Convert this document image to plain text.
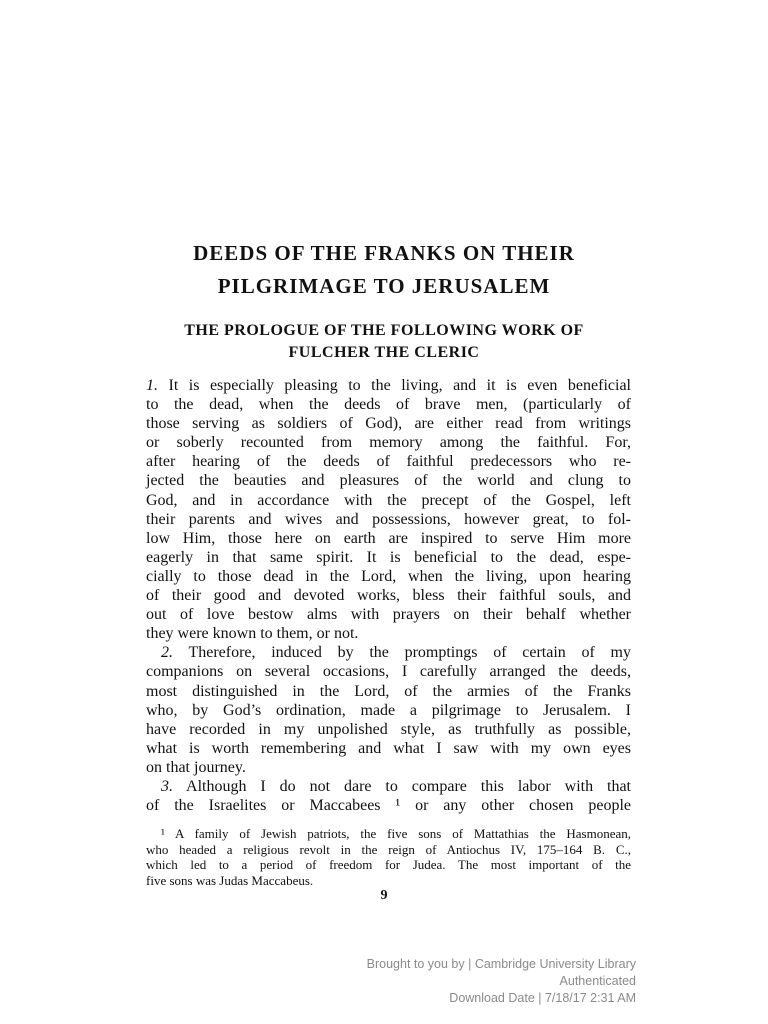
DEEDS OF THE FRANKS ON THEIR
PILGRIMAGE TO JERUSALEM
THE PROLOGUE OF THE FOLLOWING WORK OF
FULCHER THE CLERIC
1. It is especially pleasing to the living, and it is even beneficial
to the dead, when the deeds of brave men, (particularly of
those serving as soldiers of God), are either read from writings
or soberly recounted from memory among the faithful. For,
after hearing of the deeds of faithful predecessors who re-
jected the beauties and pleasures of the world and clung to
God, and in accordance with the precept of the Gospel, left
their parents and wives and possessions, however great, to fol-
low Him, those here on earth are inspired to serve Him more
eagerly in that same spirit. It is beneficial to the dead, espe-
cially to those dead in the Lord, when the living, upon hearing
of their good and devoted works, bless their faithful souls, and
out of love bestow alms with prayers on their behalf whether
they were known to them, or not.
2. Therefore, induced by the promptings of certain of my
companions on several occasions, I carefully arranged the deeds,
most distinguished in the Lord, of the armies of the Franks
who, by God’s ordination, made a pilgrimage to Jerusalem. I
have recorded in my unpolished style, as truthfully as possible,
what is worth remembering and what I saw with my own eyes
on that journey.
3. Although I do not dare to compare this labor with that
of the Israelites or Maccabees ¹ or any other chosen people
¹ A family of Jewish patriots, the five sons of Mattathias the Hasmonean,
who headed a religious revolt in the reign of Antiochus IV, 175–164 B. C.,
which led to a period of freedom for Judea. The most important of the
five sons was Judas Maccabeus.
9
Brought to you by | Cambridge University Library
Authenticated
Download Date | 7/18/17 2:31 AM
